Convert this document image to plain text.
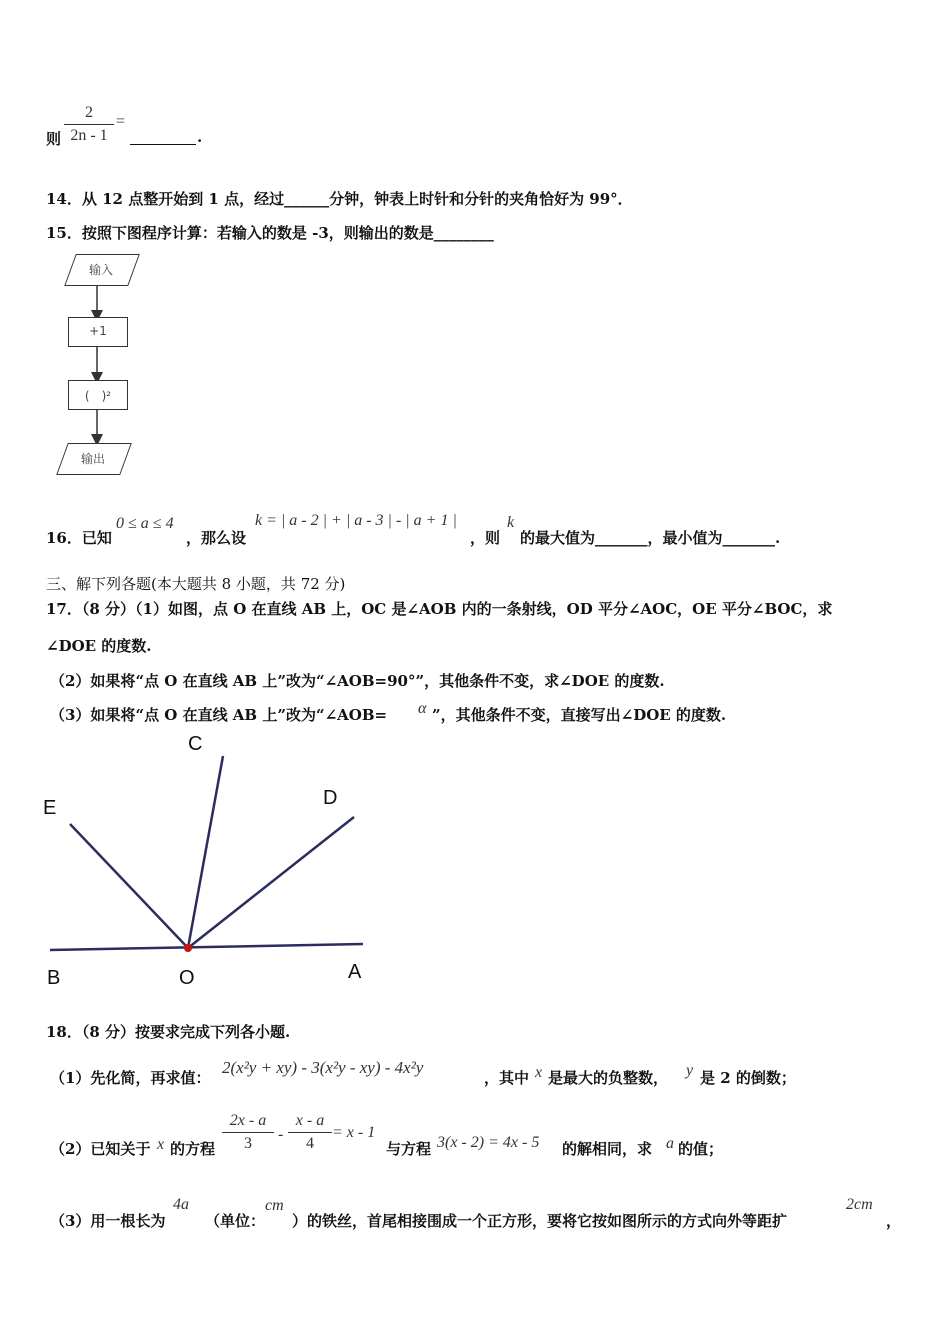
则
2
2n - 1
=
.
14．从 12 点整开始到 1 点，经过______分钟，钟表上时针和分针的夹角恰好为 99°．
15．按照下图程序计算：若输入的数是 -3，则输出的数是________
输入
+1
(　)²
输出
16．已知
0 ≤ a ≤ 4
，那么设
k = | a - 2 | + | a - 3 | - | a + 1 |
，则
k
的最大值为_______，最小值为_______.
三、解下列各题(本大题共 8 小题，共 72 分)
17．（8 分）（1）如图，点 O 在直线 AB 上，OC 是∠AOB 内的一条射线，OD 平分∠AOC，OE 平分∠BOC，求
∠DOE 的度数.
（2）如果将“点 O 在直线 AB 上”改为“∠AOB=90°”，其他条件不变，求∠DOE 的度数.
（3）如果将“点 O 在直线 AB 上”改为“∠AOB= α ”，其他条件不变，直接写出∠DOE 的度数.
C
E	D
B	O	A
18．（8 分）按要求完成下列各小题.
（1）先化简，再求值：
2(x²y + xy) - 3(x²y - xy) - 4x²y
，其中 x 是最大的负整数， y 是 2 的倒数；
（2）已知关于 x 的方程
2x - a
3
-
x - a
4
= x - 1
与方程 3(x - 2) = 4x - 5 的解相同，求 a 的值；
（3）用一根长为
4a
（单位：
cm
）的铁丝，首尾相接围成一个正方形，要将它按如图所示的方式向外等距扩
2cm
，
